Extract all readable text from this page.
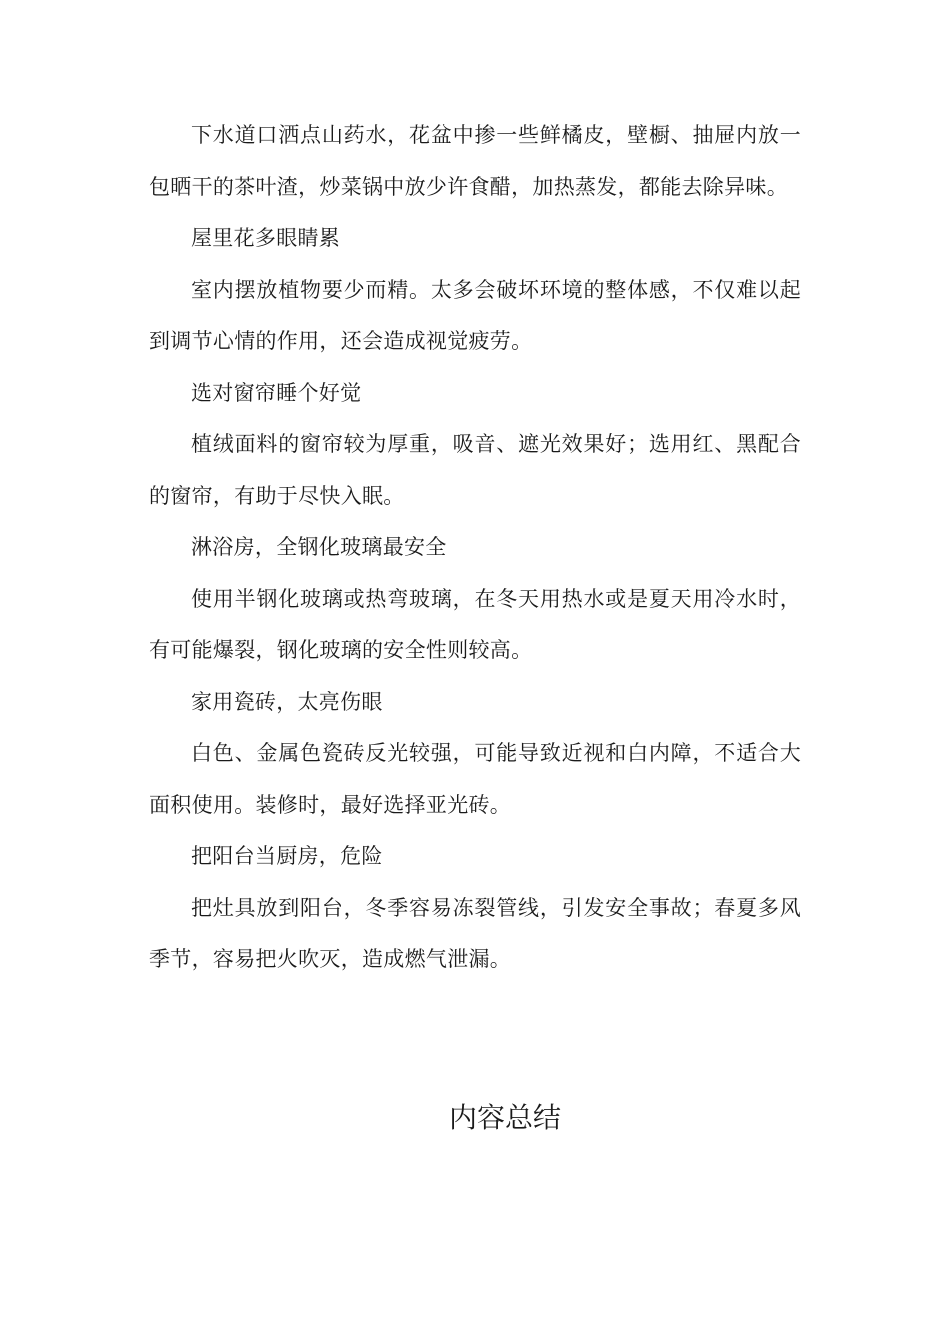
下水道口洒点山药水，花盆中掺一些鲜橘皮，壁橱、抽屉内放一包晒干的茶叶渣，炒菜锅中放少许食醋，加热蒸发，都能去除异味。

屋里花多眼睛累

室内摆放植物要少而精。太多会破坏环境的整体感，不仅难以起到调节心情的作用，还会造成视觉疲劳。

选对窗帘睡个好觉

植绒面料的窗帘较为厚重，吸音、遮光效果好；选用红、黑配合的窗帘，有助于尽快入眠。

淋浴房，全钢化玻璃最安全

使用半钢化玻璃或热弯玻璃，在冬天用热水或是夏天用冷水时，有可能爆裂，钢化玻璃的安全性则较高。

家用瓷砖，太亮伤眼

白色、金属色瓷砖反光较强，可能导致近视和白内障，不适合大面积使用。装修时，最好选择亚光砖。

把阳台当厨房，危险

把灶具放到阳台，冬季容易冻裂管线，引发安全事故；春夏多风季节，容易把火吹灭，造成燃气泄漏。

内容总结
